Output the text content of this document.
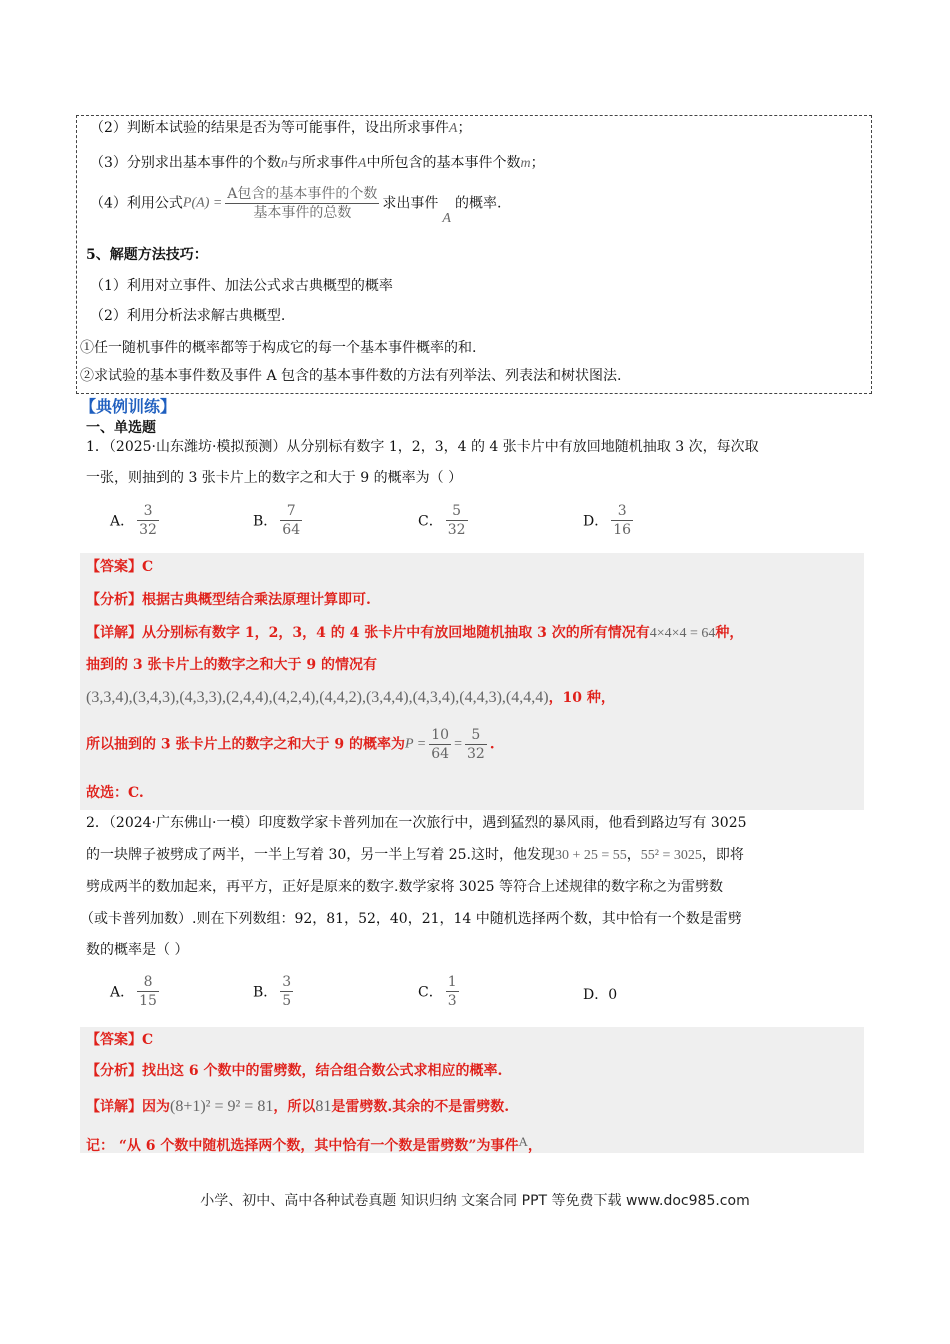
（2）判断本试验的结果是否为等可能事件，设出所求事件A；
（3）分别求出基本事件的个数n与所求事件A中所包含的基本事件个数m；
（4）利用公式$P(A) = \frac{\text{A包含的基本事件的个数}}{\text{基本事件的总数}}$ 求出事件A的概率.
5、解题方法技巧：
（1）利用对立事件、加法公式求古典概型的概率
（2）利用分析法求解古典概型.
①任一随机事件的概率都等于构成它的每一个基本事件概率的和.
②求试验的基本事件数及事件 A 包含的基本事件数的方法有列举法、列表法和树状图法.
【典例训练】
一、单选题
1．（2025·山东潍坊·模拟预测）从分别标有数字 1，2，3，4 的 4 张卡片中有放回地随机抽取 3 次，每次取
一张，则抽到的 3 张卡片上的数字之和大于 9 的概率为（ ）
A． $\frac{3}{32}$	B． $\frac{7}{64}$	C． $\frac{5}{32}$	D． $\frac{3}{16}$
【答案】C
【分析】根据古典概型结合乘法原理计算即可.
【详解】从分别标有数字 1，2，3，4 的 4 张卡片中有放回地随机抽取 3 次的所有情况有4×4×4 = 64种，
抽到的 3 张卡片上的数字之和大于 9 的情况有
(3,3,4),(3,4,3),(4,3,3),(2,4,4),(4,2,4),(4,4,2),(3,4,4),(4,3,4),(4,4,3),(4,4,4)，10 种，
所以抽到的 3 张卡片上的数字之和大于 9 的概率为$P = \frac{10}{64} = \frac{5}{32}$ .
故选：C.
2．（2024·广东佛山·一模）印度数学家卡普列加在一次旅行中，遇到猛烈的暴风雨，他看到路边写有 3025
的一块牌子被劈成了两半，一半上写着 30，另一半上写着 25.这时，他发现30 + 25 = 55，55² = 3025，即将
劈成两半的数加起来，再平方，正好是原来的数字.数学家将 3025 等符合上述规律的数字称之为雷劈数
（或卡普列加数）.则在下列数组：92，81，52，40，21，14 中随机选择两个数，其中恰有一个数是雷劈
数的概率是（ ）
A． $\frac{8}{15}$	B． $\frac{3}{5}$	C． $\frac{1}{3}$	D．0
【答案】C
【分析】找出这 6 个数中的雷劈数，结合组合数公式求相应的概率.
【详解】因为(8+1)² = 9² = 81，所以81是雷劈数.其余的不是雷劈数.
记： “从 6 个数中随机选择两个数，其中恰有一个数是雷劈数”为事件A，
小学、初中、高中各种试卷真题 知识归纳 文案合同 PPT 等免费下载 www.doc985.com
